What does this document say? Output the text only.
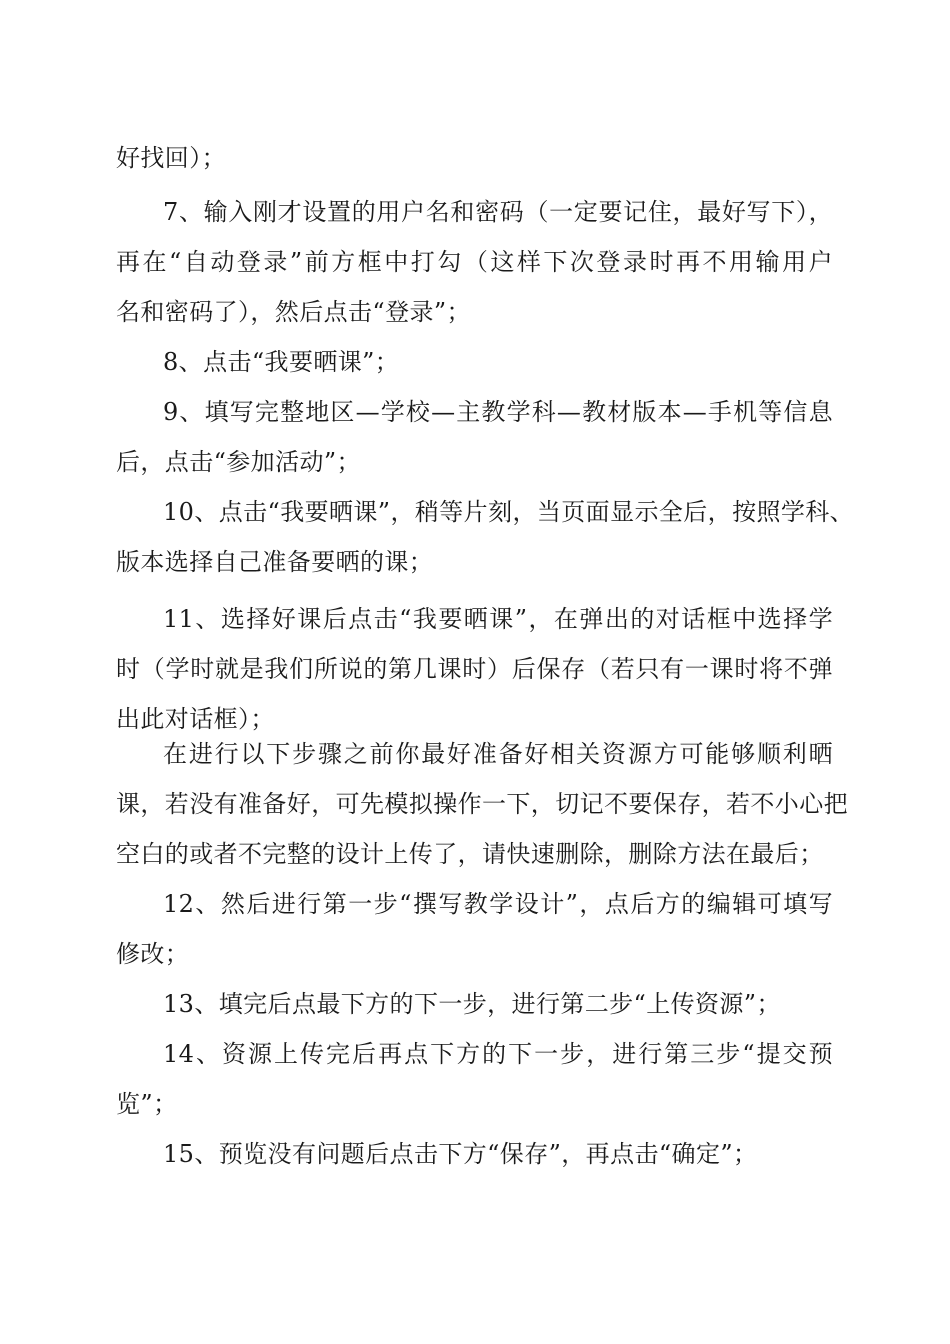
好找回）；
7、输入刚才设置的用户名和密码（一定要记住，最好写下），
再在“自动登录”前方框中打勾（这样下次登录时再不用输用户
名和密码了），然后点击“登录”；
8、点击“我要晒课”；
9、填写完整地区—学校—主教学科—教材版本—手机等信息
后，点击“参加活动”；
10、点击“我要晒课”，稍等片刻，当页面显示全后，按照学科、
版本选择自己准备要晒的课；
11、选择好课后点击“我要晒课”，在弹出的对话框中选择学
时（学时就是我们所说的第几课时）后保存（若只有一课时将不弹
出此对话框）；
在进行以下步骤之前你最好准备好相关资源方可能够顺利晒
课，若没有准备好，可先模拟操作一下，切记不要保存，若不小心把
空白的或者不完整的设计上传了，请快速删除，删除方法在最后；
12、然后进行第一步“撰写教学设计”，点后方的编辑可填写
修改；
13、填完后点最下方的下一步，进行第二步“上传资源”；
14、资源上传完后再点下方的下一步，进行第三步“提交预
览”；
15、预览没有问题后点击下方“保存”，再点击“确定”；
